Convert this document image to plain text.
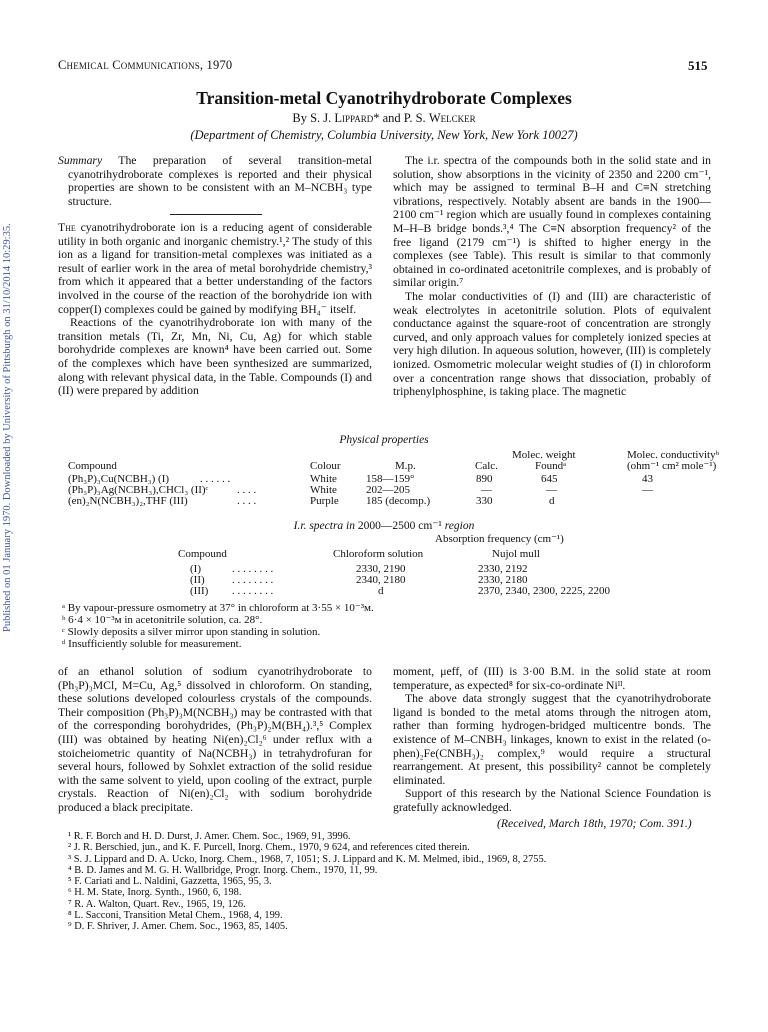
Published on 01 January 1970. Downloaded by University of Pittsburgh on 31/10/2014 10:29:35.
Chemical Communications, 1970	515
Transition-metal Cyanotrihydroborate Complexes
By S. J. Lippard* and P. S. Welcker
(Department of Chemistry, Columbia University, New York, New York 10027)

Summary The preparation of several transition-metal cyanotrihydroborate complexes is reported and their physical properties are shown to be consistent with an M–NCBH₃ type structure.

The cyanotrihydroborate ion is a reducing agent of considerable utility in both organic and inorganic chemistry.¹,² The study of this ion as a ligand for transition-metal complexes was initiated as a result of earlier work in the area of metal borohydride chemistry,³ from which it appeared that a better understanding of the factors involved in the course of the reaction of the borohydride ion with copper(I) complexes could be gained by modifying BH₄⁻ itself.

Reactions of the cyanotrihydroborate ion with many of the transition metals (Ti, Zr, Mn, Ni, Cu, Ag) for which stable borohydride complexes are known⁴ have been carried out. Some of the complexes which have been synthesized are summarized, along with relevant physical data, in the Table. Compounds (I) and (II) were prepared by addition

The i.r. spectra of the compounds both in the solid state and in solution, show absorptions in the vicinity of 2350 and 2200 cm⁻¹, which may be assigned to terminal B–H and C≡N stretching vibrations, respectively. Notably absent are bands in the 1900—2100 cm⁻¹ region which are usually found in complexes containing M–H–B bridge bonds.³,⁴ The C≡N absorption frequency² of the free ligand (2179 cm⁻¹) is shifted to higher energy in the complexes (see Table). This result is similar to that commonly obtained in co-ordinated acetonitrile complexes, and is probably of similar origin.⁷

The molar conductivities of (I) and (III) are characteristic of weak electrolytes in acetonitrile solution. Plots of equivalent conductance against the square-root of concentration are strongly curved, and only approach values for completely ionized species at very high dilution. In aqueous solution, however, (III) is completely ionized. Osmometric molecular weight studies of (I) in chloroform over a concentration range shows that dissociation, probably of triphenylphosphine, is taking place. The magnetic

Physical properties
Molec. weight	Molec. conductivityᵇ
Compound	Colour	M.p.	Calc.	Foundᵃ	(ohm⁻¹ cm² mole⁻¹)
(Ph₃P)₃Cu(NCBH₃) (I)	. . . . . .	White	158—159°	890	645	43
(Ph₃P)₃Ag(NCBH₃),CHCl₃ (II)ᶜ	. . . .	White	202—205	—	—	—
(en)₂N(NCBH₃)₂,THF (III)	. . . .	Purple 185 (decomp.)	330	d
I.r. spectra in 2000—2500 cm⁻¹ region
Absorption frequency (cm⁻¹)
Compound	Chloroform solution	Nujol mull
(I)	. . . . . . . .	2330, 2190	2330, 2192
(II) . . . . . . . .	2340, 2180	2330, 2180
(III) . . . . . . . .	d	2370, 2340, 2300, 2225, 2200
ᵃ By vapour-pressure osmometry at 37° in chloroform at 3·55 × 10⁻³ᴍ.
ᵇ 6·4 × 10⁻³ᴍ in acetonitrile solution, ca. 28°.
ᶜ Slowly deposits a silver mirror upon standing in solution.
ᵈ Insufficiently soluble for measurement.

of an ethanol solution of sodium cyanotrihydroborate to (Ph₃P)₃MCl, M=Cu, Ag,⁵ dissolved in chloroform. On standing, these solutions developed colourless crystals of the compounds. Their composition (Ph₃P)₃M(NCBH₃) may be contrasted with that of the corresponding borohydrides, (Ph₃P)₂M(BH₄).³,⁵ Complex (III) was obtained by heating Ni(en)₂Cl₂⁶ under reflux with a stoicheiometric quantity of Na(NCBH₃) in tetrahydrofuran for several hours, followed by Sohxlet extraction of the solid residue with the same solvent to yield, upon cooling of the extract, purple crystals. Reaction of Ni(en)₂Cl₂ with sodium borohydride produced a black precipitate.

moment, μeff, of (III) is 3·00 B.M. in the solid state at room temperature, as expected⁸ for six-co-ordinate Niᴵᴵ.

The above data strongly suggest that the cyanotrihydroborate ligand is bonded to the metal atoms through the nitrogen atom, rather than forming hydrogen-bridged multicentre bonds. The existence of M–CNBH₃ linkages, known to exist in the related (o-phen)₂Fe(CNBH₃)₂ complex,⁹ would require a structural rearrangement. At present, this possibility² cannot be completely eliminated.

Support of this research by the National Science Foundation is gratefully acknowledged.

(Received, March 18th, 1970; Com. 391.)
¹ R. F. Borch and H. D. Durst, J. Amer. Chem. Soc., 1969, 91, 3996.
² J. R. Berschied, jun., and K. F. Purcell, Inorg. Chem., 1970, 9 624, and references cited therein.
³ S. J. Lippard and D. A. Ucko, Inorg. Chem., 1968, 7, 1051; S. J. Lippard and K. M. Melmed, ibid., 1969, 8, 2755.
⁴ B. D. James and M. G. H. Wallbridge, Progr. Inorg. Chem., 1970, 11, 99.
⁵ F. Cariati and L. Naldini, Gazzetta, 1965, 95, 3.
⁶ H. M. State, Inorg. Synth., 1960, 6, 198.
⁷ R. A. Walton, Quart. Rev., 1965, 19, 126.
⁸ L. Sacconi, Transition Metal Chem., 1968, 4, 199.
⁹ D. F. Shriver, J. Amer. Chem. Soc., 1963, 85, 1405.
